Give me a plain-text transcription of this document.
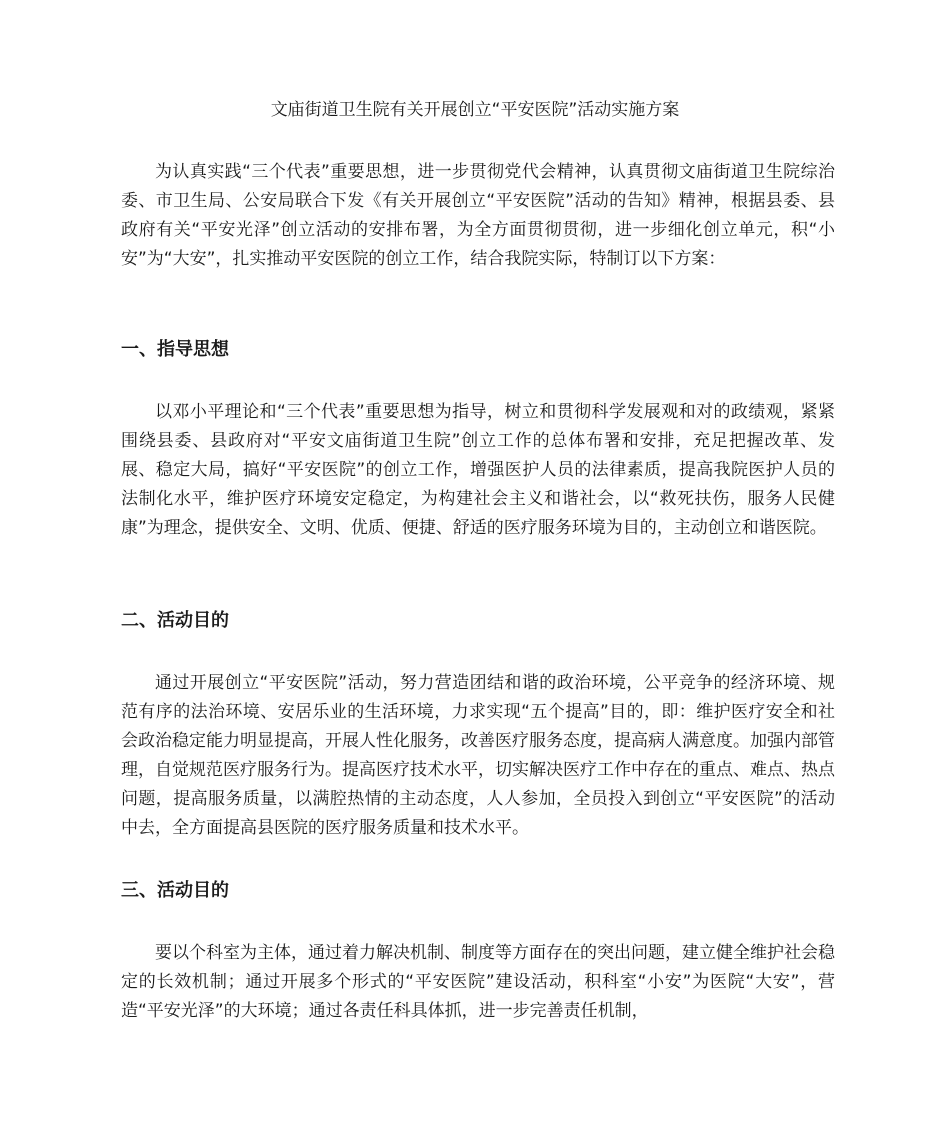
文庙街道卫生院有关开展创立“平安医院”活动实施方案

为认真实践“三个代表”重要思想，进一步贯彻党代会精神，认真贯彻文庙街道卫生院综治委、市卫生局、公安局联合下发《有关开展创立“平安医院”活动的告知》精神，根据县委、县政府有关“平安光泽”创立活动的安排布署，为全方面贯彻贯彻，进一步细化创立单元，积“小安”为“大安”，扎实推动平安医院的创立工作，结合我院实际，特制订以下方案：

一、指导思想

以邓小平理论和“三个代表”重要思想为指导，树立和贯彻科学发展观和对的政绩观，紧紧围绕县委、县政府对“平安文庙街道卫生院”创立工作的总体布署和安排，充足把握改革、发展、稳定大局，搞好“平安医院”的创立工作，增强医护人员的法律素质，提高我院医护人员的法制化水平，维护医疗环境安定稳定，为构建社会主义和谐社会，以“救死扶伤，服务人民健康”为理念，提供安全、文明、优质、便捷、舒适的医疗服务环境为目的，主动创立和谐医院。

二、活动目的

通过开展创立“平安医院”活动，努力营造团结和谐的政治环境，公平竞争的经济环境、规范有序的法治环境、安居乐业的生活环境，力求实现“五个提高”目的，即：维护医疗安全和社会政治稳定能力明显提高，开展人性化服务，改善医疗服务态度，提高病人满意度。加强内部管理，自觉规范医疗服务行为。提高医疗技术水平，切实解决医疗工作中存在的重点、难点、热点问题，提高服务质量，以满腔热情的主动态度，人人参加，全员投入到创立“平安医院”的活动中去，全方面提高县医院的医疗服务质量和技术水平。

三、活动目的

要以个科室为主体，通过着力解决机制、制度等方面存在的突出问题，建立健全维护社会稳定的长效机制；通过开展多个形式的“平安医院”建设活动，积科室“小安”为医院“大安”，营造“平安光泽”的大环境；通过各责任科具体抓，进一步完善责任机制，
